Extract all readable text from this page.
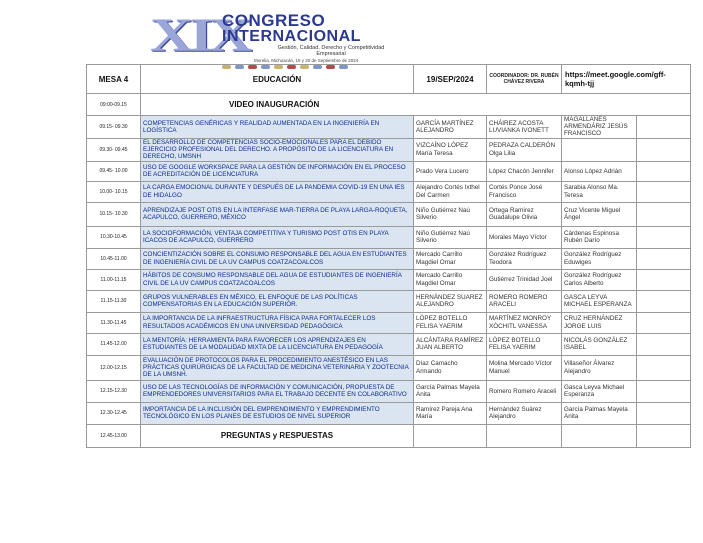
XIX
CONGRESO
INTERNACIONAL
Gestión, Calidad, Derecho y Competitividad Empresarial
Morelia, Michoacán, 19 y 20 de Septiembre de 2024
MESA 4	EDUCACIÓN	19/SEP/2024	COORDINADOR: DR. RUBÉN CHÁVEZ RIVERA	https://meet.google.com/gff-kqmh-tjj	
09:00-09.15	VIDEO INAUGURACIÓN				
09.15- 09.30	COMPETENCIAS GENÉRICAS Y REALIDAD AUMENTADA EN LA INGENIERÍA EN LOGÍSTICA	GARCÍA MARTÍNEZ ALEJANDRO	CHÁIREZ ACOSTA LUVIANKA IVONETT	MAGALLANES ARMENDÁRIZ JESÚS FRANCISCO	
09.30- 09.45	EL DESARROLLO DE COMPETENCIAS SOCIO-EMOCIONALES PARA EL DEBIDO EJERCICIO PROFESIONAL DEL DERECHO. A PROPÓSITO DE LA LICENCIATURA EN DERECHO, UMSNH	VIZCAÍNO LÓPEZ María Teresa	PEDRAZA CALDERÓN Olga Lilia		
09.45- 10.00	USO DE GOOGLE WORKSPACE PARA LA GESTIÓN DE INFORMACIÓN EN EL PROCESO DE ACREDITACIÓN DE LICENCIATURA	Prado Vera Lucero	López Chacón Jennifer	Alonso López Adrián	
10.00- 10.15	LA CARGA EMOCIONAL DURANTE Y DESPUÉS DE LA PANDEMIA COVID-19 EN UNA IES DE HIDALGO	Alejandro Cortés Ixthel Del Carmen	Cortés Ponce José Francisco	Sarabia Alonso Ma. Teresa	
10.15- 10.30	APRENDIZAJE POST OTIS EN LA INTERFASE MAR-TIERRA DE PLAYA LARGA-ROQUETA, ACAPULCO, GUERRERO, MÉXICO	Niño Gutiérrez Naú Silverio	Ortega Ramírez Guadalupe Olivia	Cruz Vicente Miguel Ángel	
10.30-10.45	LA SOCIOFORMACIÓN, VENTAJA COMPETITIVA Y TURISMO POST OTIS EN PLAYA ICACOS DE ACAPULCO, GUERRERO	Niño Gutiérrez Naú Silverio	Morales Mayo Víctor	Cárdenas Espinosa Rubén Darío	
10.45-11.00	CONCIENTIZACIÓN SOBRE EL CONSUMO RESPONSABLE DEL AGUA EN ESTUDIANTES DE INGENIERÍA CIVIL DE LA UV CAMPUS COATZACOALCOS	Mercado Carrillo Magdiel Omar	González Rodríguez Teodora	González Rodríguez Eduwiges	
11.00-11.15	HÁBITOS DE CONSUMO RESPONSABLE DEL AGUA DE ESTUDIANTES DE INGENIERÍA CIVIL DE LA UV CAMPUS COATZACOALCOS	Mercado Carrillo Magdiel Omar	Gutiérrez Trinidad Joel	González Rodríguez Carlos Alberto	
11.15-11.30	GRUPOS VULNERABLES EN MÉXICO, EL ENFOQUE DE LAS POLÍTICAS COMPENSATORIAS EN LA EDUCACIÓN SUPERIOR.	HERNÁNDEZ SUAREZ ALEJANDRO	ROMERO ROMERO ARACELI	GASCA LEYVA MICHAEL ESPERANZA	
11.30-11.45	LA IMPORTANCIA DE LA INFRAESTRUCTURA FÍSICA PARA FORTALECER LOS RESULTADOS ACADÉMICOS EN UNA UNIVERSIDAD PEDAGÓGICA	LÓPEZ BOTELLO FELISA YAERIM	MARTÍNEZ MONROY XÓCHITL VANESSA	CRUZ HERNÁNDEZ JORGE LUIS	
11.45-12.00	LA MENTORÍA: HERRAMIENTA PARA FAVORECER LOS APRENDIZAJES EN ESTUDIANTES DE LA MODALIDAD MIXTA DE LA LICENCIATURA EN PEDAGOGÍA	ALCÁNTARA RAMÍREZ JUAN ALBERTO	LÓPEZ BOTELLO FELISA YAERIM	NICOLÁS GONZÁLEZ ISABEL	
12.00-12.15	EVALUACIÓN DE PROTOCOLOS PARA EL PROCEDIMIENTO ANESTÉSICO EN LAS PRÁCTICAS QUIRÚRGICAS DE LA FACULTAD DE MEDICINA VETERINARIA Y ZOOTECNIA DE LA UMSNH.	Díaz Camacho Armando	Molina Mercado Víctor Manuel	Villaseñor Álvarez Alejandro	
12.15-12.30	USO DE LAS TECNOLOGÍAS DE INFORMACIÓN Y COMUNICACIÓN, PROPUESTA DE EMPRENDEDORES UNIVERSITARIOS PARA EL TRABAJO DECENTE EN COLABORATIVO	García Palmas Mayela Anita	Romero Romero Araceli	Gasca Leyva Michael Esperanza	
12.30-12.45	IMPORTANCIA DE LA INCLUSIÓN DEL EMPRENDIMIENTO Y EMPRENDIMIENTO TECNOLÓGICO EN LOS PLANES DE ESTUDIOS DE NIVEL SUPERIOR	Ramírez Pareja Ana María	Hernández Suárez Alejandro	García Palmas Mayela Anita	
12.45-13.00	PREGUNTAS y RESPUESTAS				
